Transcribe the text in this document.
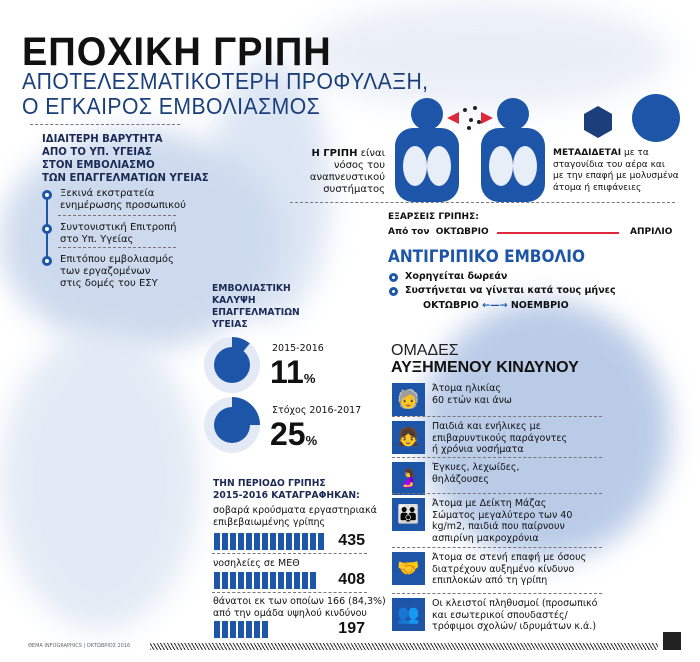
ΕΠΟΧΙΚΗ ΓΡΙΠΗ
ΑΠΟΤΕΛΕΣΜΑΤΙΚΟΤΕΡΗ ΠΡΟΦΥΛΑΞΗ,
Ο ΕΓΚΑΙΡΟΣ ΕΜΒΟΛΙΑΣΜΟΣ
ΙΔΙΑΙΤΕΡΗ ΒΑΡΥΤΗΤΑ
ΑΠΟ ΤΟ ΥΠ. ΥΓΕΙΑΣ
ΣΤΟΝ ΕΜΒΟΛΙΑΣΜΟ
ΤΩΝ ΕΠΑΓΓΕΛΜΑΤΙΩΝ ΥΓΕΙΑΣ
Ξεκινά εκστρατεία
ενημέρωσης προσωπικού
Συντονιστική Επιτροπή
στο Υπ. Υγείας
Επιτόπου εμβολιασμός
των εργαζομένων
στις δομές του ΕΣΥ
Η ΓΡΙΠΗ είναι
νόσος του
αναπνευστικού
συστήματος
ΜΕΤΑΔΙΔΕΤΑΙ με τα
σταγονίδια του αέρα και
με την επαφή με μολυσμένα
άτομα ή επιφάνειες
ΕΞΑΡΣΕΙΣ ΓΡΙΠΗΣ:
Από τον ΟΚΤΩΒΡΙΟ	ΑΠΡΙΛΙΟ
ΑΝΤΙΓΡΙΠΙΚΟ ΕΜΒΟΛΙΟ
Χορηγείται δωρεάν
Συστήνεται να γίνεται κατά τους μήνες
ΟΚΤΩΒΡΙΟ ←—→ ΝΟΕΜΒΡΙΟ
ΕΜΒΟΛΙΑΣΤΙΚΗ
ΚΑΛΥΨΗ
ΕΠΑΓΓΕΛΜΑΤΙΩΝ
ΥΓΕΙΑΣ
2015-2016
11%
Στόχος 2016-2017
25%
ΤΗΝ ΠΕΡΙΟΔΟ ΓΡΙΠΗΣ
2015-2016 ΚΑΤΑΓΡΑΦΗΚΑΝ:
σοβαρά κρούσματα εργαστηριακά
επιβεβαιωμένης γρίπης
435
νοσηλείες σε ΜΕΘ
408
θάνατοι εκ των οποίων 166 (84,3%)
από την ομάδα υψηλού κινδύνου
197
ΟΜΑΔΕΣ
ΑΥΞΗΜΕΝΟΥ ΚΙΝΔΥΝΟΥ
🧓
Άτομα ηλικίας
60 ετών και άνω
👧
Παιδιά και ενήλικες με
επιβαρυντικούς παράγοντες
ή χρόνια νοσήματα
🤰
Έγκυες, λεχωίδες,
θηλάζουσες
👪
Άτομα με Δείκτη Μάζας
Σώματος μεγαλύτερο των 40
kg/m2, παιδιά που παίρνουν
ασπιρίνη μακροχρόνια
🤝
Άτομα σε στενή επαφή με όσους
διατρέχουν αυξημένο κίνδυνο
επιπλοκών από τη γρίπη
👥
Οι κλειστοί πληθυσμοί (προσωπικό
και εσωτερικοί σπουδαστές/
τρόφιμοι σχολών/ ιδρυμάτων κ.ά.)
ΘΕΜΑ INFOGRAPHICS | ΟΚΤΩΒΡΙΟΣ 2016
